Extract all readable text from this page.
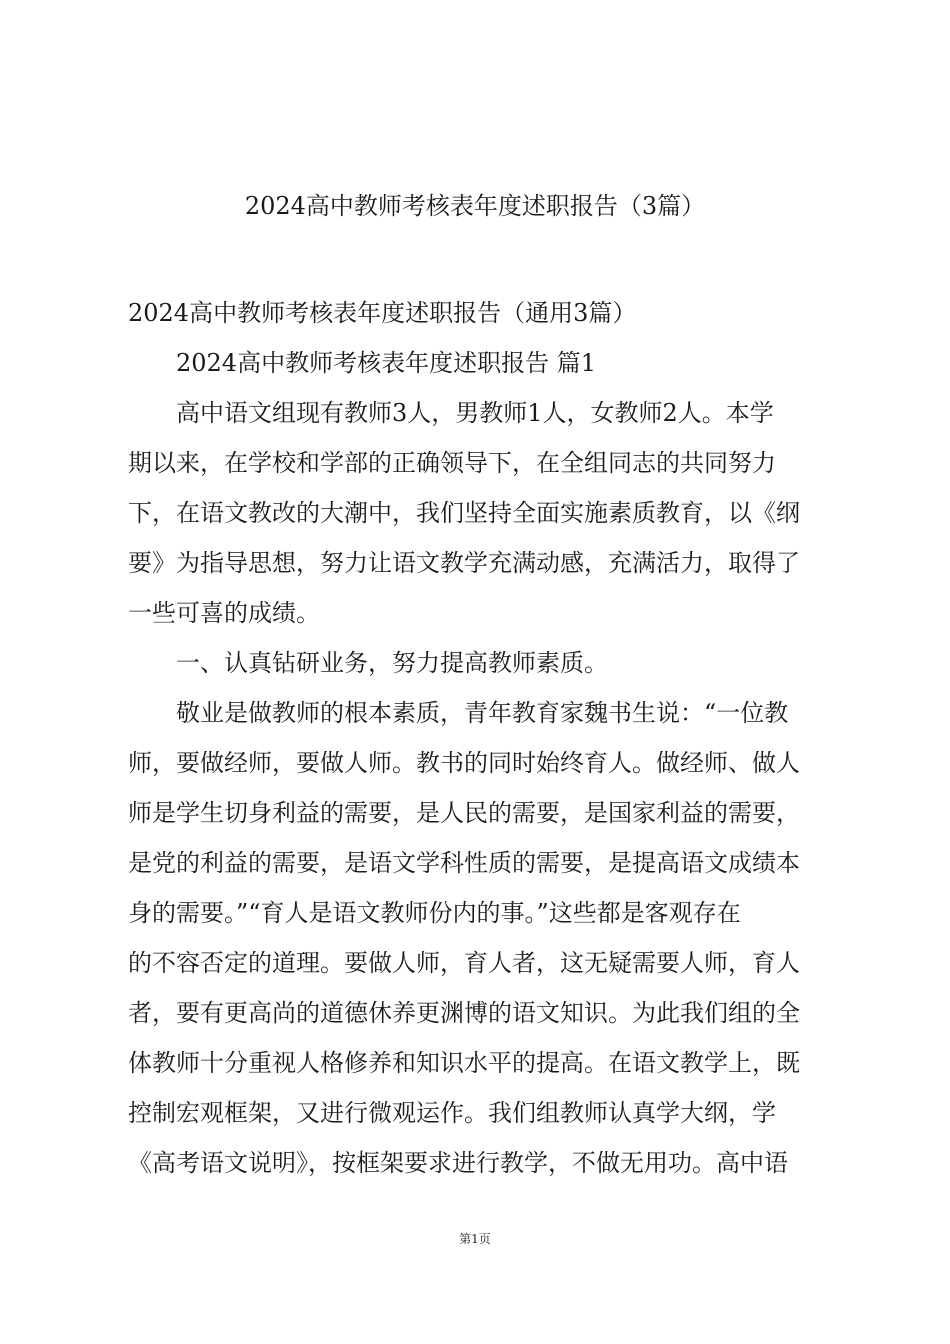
2024高中教师考核表年度述职报告（3篇）
2024高中教师考核表年度述职报告（通用3篇）
2024高中教师考核表年度述职报告 篇1
高中语文组现有教师3人，男教师1人，女教师2人。本学
期以来，在学校和学部的正确领导下，在全组同志的共同努力
下，在语文教改的大潮中，我们坚持全面实施素质教育，以《纲
要》为指导思想，努力让语文教学充满动感，充满活力，取得了
一些可喜的成绩。
一、认真钻研业务，努力提高教师素质。
敬业是做教师的根本素质，青年教育家魏书生说：“一位教
师，要做经师，要做人师。教书的同时始终育人。做经师、做人
师是学生切身利益的需要，是人民的需要，是国家利益的需要，
是党的利益的需要，是语文学科性质的需要，是提高语文成绩本
身的需要。”“育人是语文教师份内的事。”这些都是客观存在
的不容否定的道理。要做人师，育人者，这无疑需要人师，育人
者，要有更高尚的道德休养更渊博的语文知识。为此我们组的全
体教师十分重视人格修养和知识水平的提高。在语文教学上，既
控制宏观框架，又进行微观运作。我们组教师认真学大纲，学
《高考语文说明》，按框架要求进行教学，不做无用功。高中语
第1页
